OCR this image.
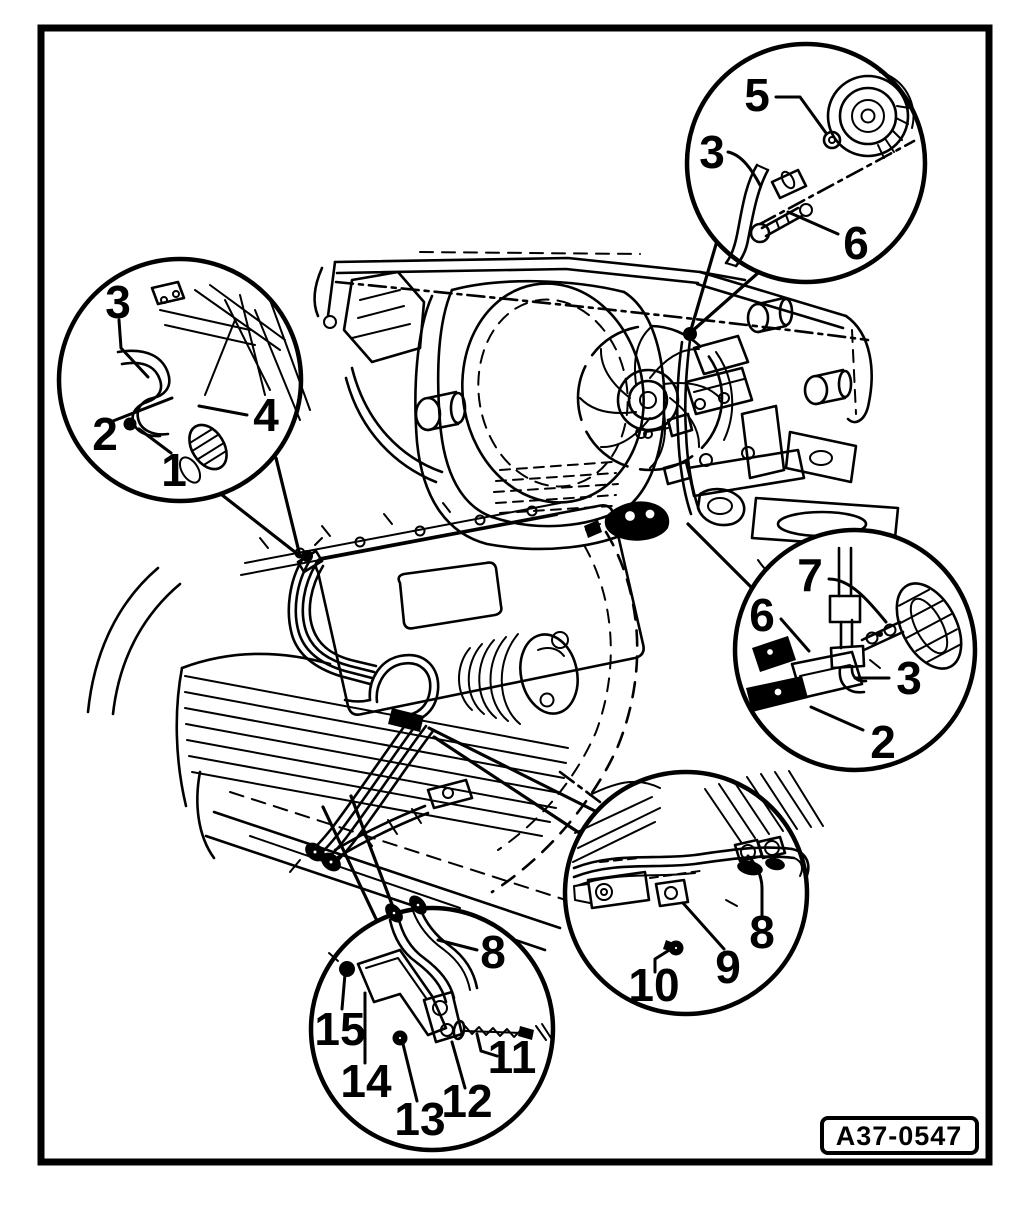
5
3
6
3
2
1
4
7
6
3
2
8
9
10
8
15
14
13
12
11
A37-0547
